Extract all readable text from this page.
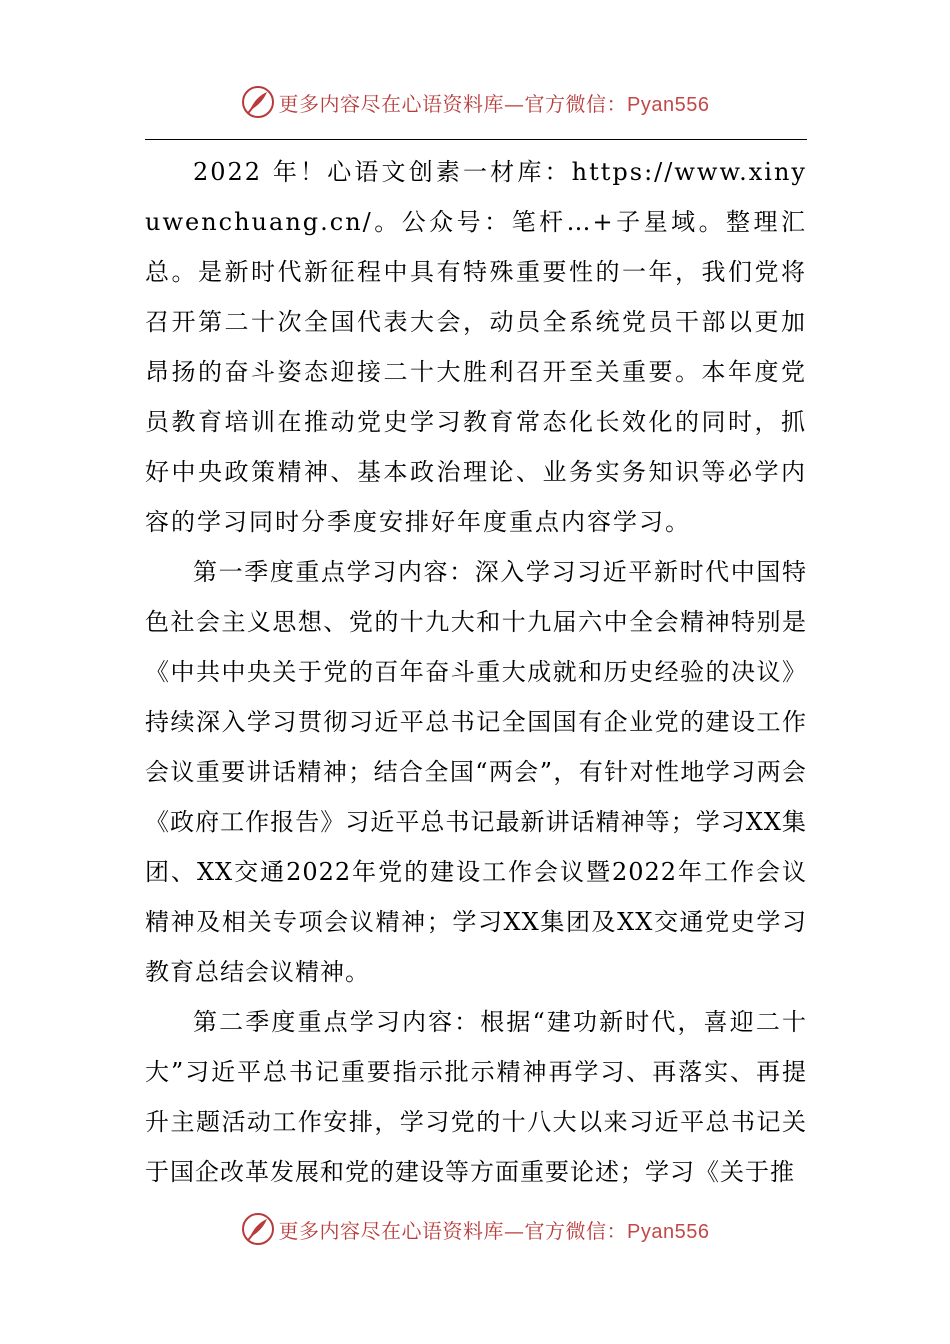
更多内容尽在心语资料库—官方微信：Pyan556

2022 年！心语文创素一材库：https://www.xinyuwenchuang.cn/。公众号：笔杆…+子星域。整理汇总。是新时代新征程中具有特殊重要性的一年，我们党将召开第二十次全国代表大会，动员全系统党员干部以更加昂扬的奋斗姿态迎接二十大胜利召开至关重要。本年度党员教育培训在推动党史学习教育常态化长效化的同时，抓好中央政策精神、基本政治理论、业务实务知识等必学内容的学习同时分季度安排好年度重点内容学习。

第一季度重点学习内容：深入学习习近平新时代中国特色社会主义思想、党的十九大和十九届六中全会精神特别是《中共中央关于党的百年奋斗重大成就和历史经验的决议》持续深入学习贯彻习近平总书记全国国有企业党的建设工作会议重要讲话精神；结合全国“两会”，有针对性地学习两会《政府工作报告》习近平总书记最新讲话精神等；学习XX集团、XX交通2022年党的建设工作会议暨2022年工作会议精神及相关专项会议精神；学习XX集团及XX交通党史学习教育总结会议精神。

第二季度重点学习内容：根据“建功新时代，喜迎二十大”习近平总书记重要指示批示精神再学习、再落实、再提升主题活动工作安排，学习党的十八大以来习近平总书记关于国企改革发展和党的建设等方面重要论述；学习《关于推

更多内容尽在心语资料库—官方微信：Pyan556
